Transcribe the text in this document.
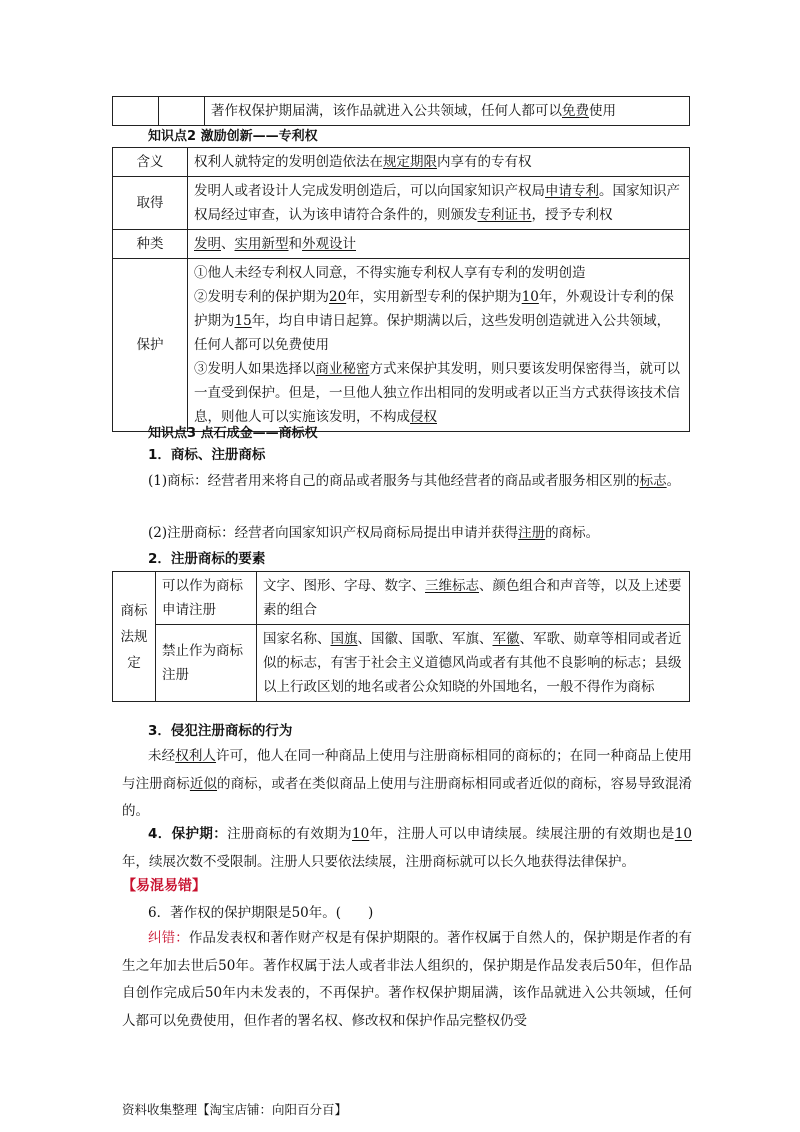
		著作权保护期届满，该作品就进入公共领域，任何人都可以免费使用
知识点2 激励创新——专利权
含义	权利人就特定的发明创造依法在规定期限内享有的专有权
取得	发明人或者设计人完成发明创造后，可以向国家知识产权局申请专利。国家知识产权局经过审查，认为该申请符合条件的，则颁发专利证书，授予专利权
种类	发明、实用新型和外观设计
保护	①他人未经专利权人同意，不得实施专利权人享有专利的发明创造
②发明专利的保护期为20年，实用新型专利的保护期为10年，外观设计专利的保护期为15年，均自申请日起算。保护期满以后，这些发明创造就进入公共领域，任何人都可以免费使用
③发明人如果选择以商业秘密方式来保护其发明，则只要该发明保密得当，就可以一直受到保护。但是，一旦他人独立作出相同的发明或者以正当方式获得该技术信息，则他人可以实施该发明，不构成侵权
知识点3 点石成金——商标权
1．商标、注册商标
(1)商标：经营者用来将自己的商品或者服务与其他经营者的商品或者服务相区别的标志。
(2)注册商标：经营者向国家知识产权局商标局提出申请并获得注册的商标。
2．注册商标的要素
商标法规定	可以作为商标申请注册	文字、图形、字母、数字、三维标志、颜色组合和声音等，以及上述要素的组合
	禁止作为商标注册	国家名称、国旗、国徽、国歌、军旗、军徽、军歌、勋章等相同或者近似的标志，有害于社会主义道德风尚或者有其他不良影响的标志；县级以上行政区划的地名或者公众知晓的外国地名，一般不得作为商标
3．侵犯注册商标的行为
未经权利人许可，他人在同一种商品上使用与注册商标相同的商标的；在同一种商品上使用与注册商标近似的商标，或者在类似商品上使用与注册商标相同或者近似的商标，容易导致混淆的。
4．保护期：注册商标的有效期为10年，注册人可以申请续展。续展注册的有效期也是10年，续展次数不受限制。注册人只要依法续展，注册商标就可以长久地获得法律保护。
【易混易错】
6．著作权的保护期限是50年。(　　)
纠错：作品发表权和著作财产权是有保护期限的。著作权属于自然人的，保护期是作者的有生之年加去世后50年。著作权属于法人或者非法人组织的，保护期是作品发表后50年，但作品自创作完成后50年内未发表的，不再保护。著作权保护期届满，该作品就进入公共领域，任何人都可以免费使用，但作者的署名权、修改权和保护作品完整权仍受
资料收集整理【淘宝店铺：向阳百分百】
